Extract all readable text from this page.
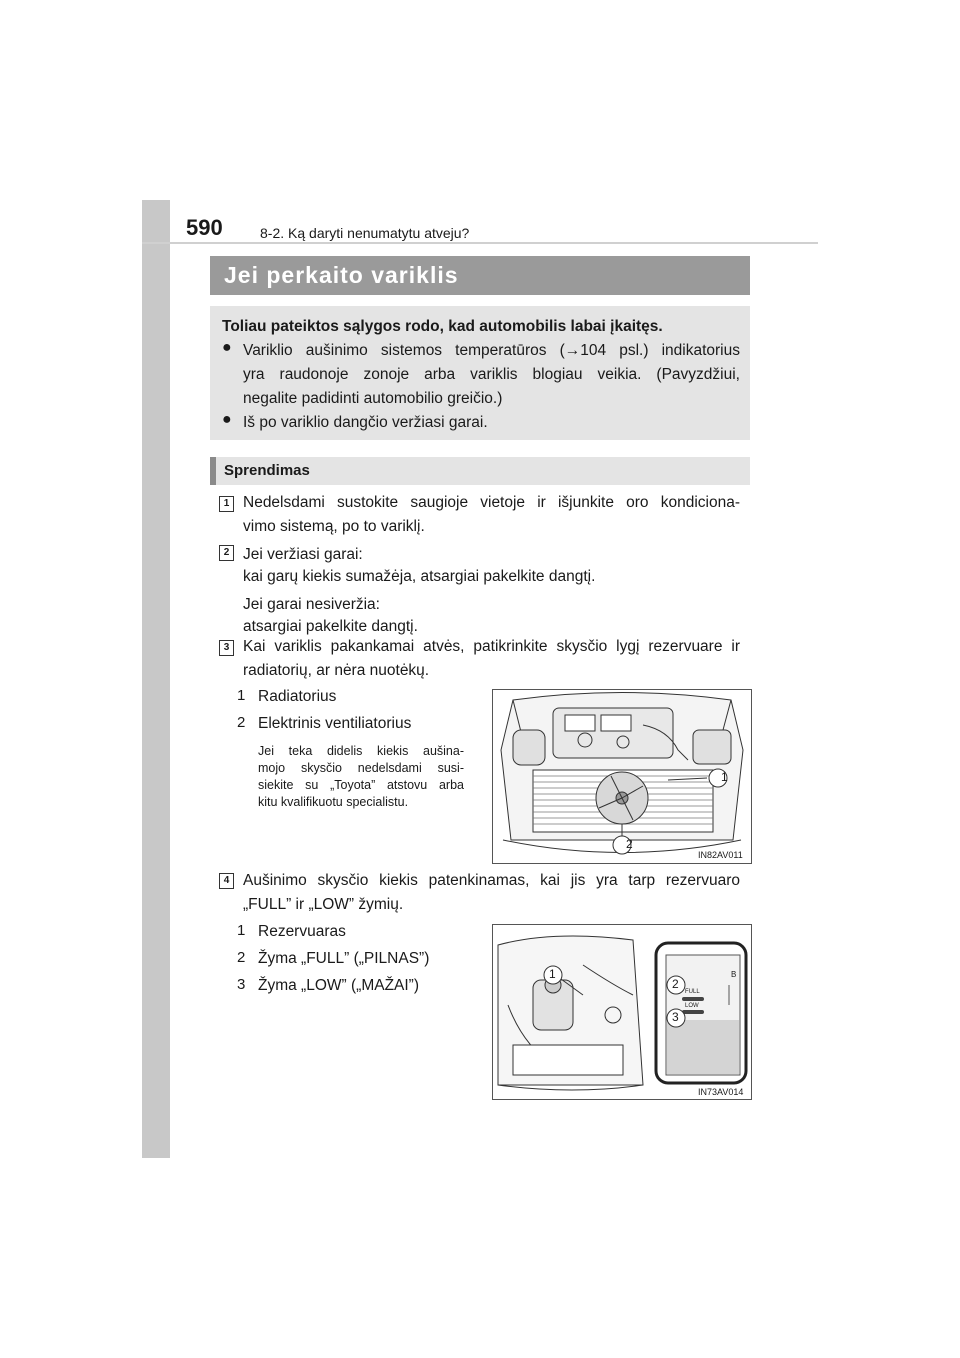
590	8-2. Ką daryti nenumatytu atveju?
Jei perkaito variklis
Toliau pateiktos sąlygos rodo, kad automobilis labai įkaitęs.
● Variklio aušinimo sistemos temperatūros (→104 psl.) indikatorius
yra raudonoje zonoje arba variklis blogiau veikia. (Pavyzdžiui,
negalite padidinti automobilio greičio.)
● Iš po variklio dangčio veržiasi garai.
Sprendimas
1 Nedelsdami sustokite saugioje vietoje ir išjunkite oro kondiciona-
vimo sistemą, po to variklį.
2 Jei veržiasi garai:
kai garų kiekis sumažėja, atsargiai pakelkite dangtį.
Jei garai nesiveržia:
atsargiai pakelkite dangtį.
3 Kai variklis pakankamai atvės, patikrinkite skysčio lygį rezervuare ir
radiatorių, ar nėra nuotėkų.
1 Radiatorius
2 Elektrinis ventiliatorius
Jei teka didelis kiekis aušina-
mojo skysčio nedelsdami susi-
siekite su „Toyota” atstovu arba
kitu kvalifikuotu specialistu.
1
2
IN82AV011
4 Aušinimo skysčio kiekis patenkinamas, kai jis yra tarp rezervuaro
„FULL” ir „LOW” žymių.
1 Rezervuaras
2 Žyma „FULL” („PILNAS”)
3 Žyma „LOW” („MAŽAI”)
1
2
3
FULL
LOW
B
IN73AV014
